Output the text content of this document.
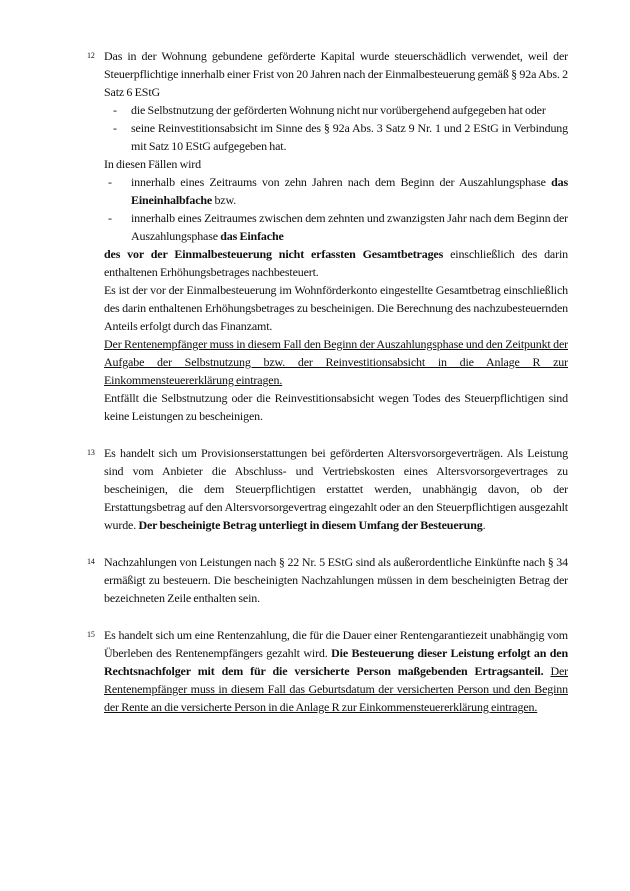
12 Das in der Wohnung gebundene geförderte Kapital wurde steuerschädlich verwendet, weil der Steuerpflichtige innerhalb einer Frist von 20 Jahren nach der Einmalbesteuerung gemäß § 92a Abs. 2 Satz 6 EStG

-	die Selbstnutzung der geförderten Wohnung nicht nur vorübergehend aufgegeben hat oder

-	seine Reinvestitionsabsicht im Sinne des § 92a Abs. 3 Satz 9 Nr. 1 und 2 EStG in Verbindung mit Satz 10 EStG aufgegeben hat.

In diesen Fällen wird

-	innerhalb eines Zeitraums von zehn Jahren nach dem Beginn der Auszahlungsphase das Eineinhalbfache bzw.

-	innerhalb eines Zeitraumes zwischen dem zehnten und zwanzigsten Jahr nach dem Beginn der Auszahlungsphase das Einfache

des vor der Einmalbesteuerung nicht erfassten Gesamtbetrages einschließlich des darin enthaltenen Erhöhungsbetrages nachbesteuert.

Es ist der vor der Einmalbesteuerung im Wohnförderkonto eingestellte Gesamtbetrag einschließlich des darin enthaltenen Erhöhungsbetrages zu bescheinigen. Die Berechnung des nachzubesteuernden Anteils erfolgt durch das Finanzamt.

Der Rentenempfänger muss in diesem Fall den Beginn der Auszahlungsphase und den Zeitpunkt der Aufgabe der Selbstnutzung bzw. der Reinvestitionsabsicht in die Anlage R zur Einkommensteuererklärung eintragen.

Entfällt die Selbstnutzung oder die Reinvestitionsabsicht wegen Todes des Steuerpflichtigen sind keine Leistungen zu bescheinigen.

13 Es handelt sich um Provisionserstattungen bei geförderten Altersvorsorgeverträgen. Als Leistung sind vom Anbieter die Abschluss- und Vertriebskosten eines Altersvorsorgevertrages zu bescheinigen, die dem Steuerpflichtigen erstattet werden, unabhängig davon, ob der Erstattungsbetrag auf den Altersvorsorgevertrag eingezahlt oder an den Steuerpflichtigen ausgezahlt wurde. Der bescheinigte Betrag unterliegt in diesem Umfang der Besteuerung.

14 Nachzahlungen von Leistungen nach § 22 Nr. 5 EStG sind als außerordentliche Einkünfte nach § 34 ermäßigt zu besteuern. Die bescheinigten Nachzahlungen müssen in dem bescheinigten Betrag der bezeichneten Zeile enthalten sein.

15 Es handelt sich um eine Rentenzahlung, die für die Dauer einer Rentengarantiezeit unabhängig vom Überleben des Rentenempfängers gezahlt wird. Die Besteuerung dieser Leistung erfolgt an den Rechtsnachfolger mit dem für die versicherte Person maßgebenden Ertragsanteil. Der Rentenempfänger muss in diesem Fall das Geburtsdatum der versicherten Person und den Beginn der Rente an die versicherte Person in die Anlage R zur Einkommensteuererklärung eintragen.
